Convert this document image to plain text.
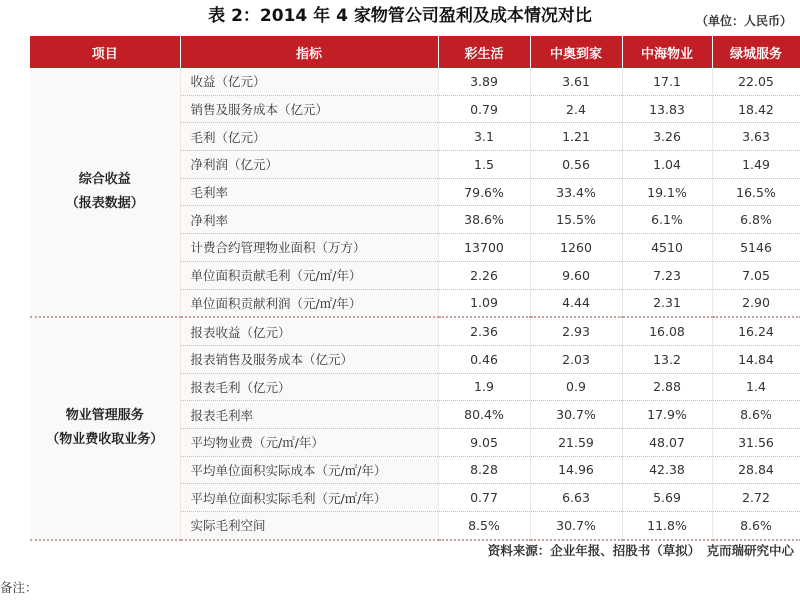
表 2：2014 年 4 家物管公司盈利及成本情况对比	（单位：人民币）
项目	指标	彩生活	中奥到家	中海物业	绿城服务

综合收益
（报表数据）	收益（亿元）	3.89	3.61	17.1	22.05
	销售及服务成本（亿元）	0.79	2.4	13.83	18.42
	毛利（亿元）	3.1	1.21	3.26	3.63
	净利润（亿元）	1.5	0.56	1.04	1.49
	毛利率	79.6%	33.4%	19.1%	16.5%
	净利率	38.6%	15.5%	6.1%	6.8%
	计费合约管理物业面积（万方）	13700	1260	4510	5146
	单位面积贡献毛利（元/㎡/年）	2.26	9.60	7.23	7.05
	单位面积贡献利润（元/㎡/年）	1.09	4.44	2.31	2.90

物业管理服务
（物业费收取业务）	报表收益（亿元）	2.36	2.93	16.08	16.24
	报表销售及服务成本（亿元）	0.46	2.03	13.2	14.84
	报表毛利（亿元）	1.9	0.9	2.88	1.4
	报表毛利率	80.4%	30.7%	17.9%	8.6%
	平均物业费（元/㎡/年）	9.05	21.59	48.07	31.56
	平均单位面积实际成本（元/㎡/年）	8.28	14.96	42.38	28.84
	平均单位面积实际毛利（元/㎡/年）	0.77	6.63	5.69	2.72
	实际毛利空间	8.5%	30.7%	11.8%	8.6%
资料来源：企业年报、招股书（草拟）　克而瑞研究中心
备注：
